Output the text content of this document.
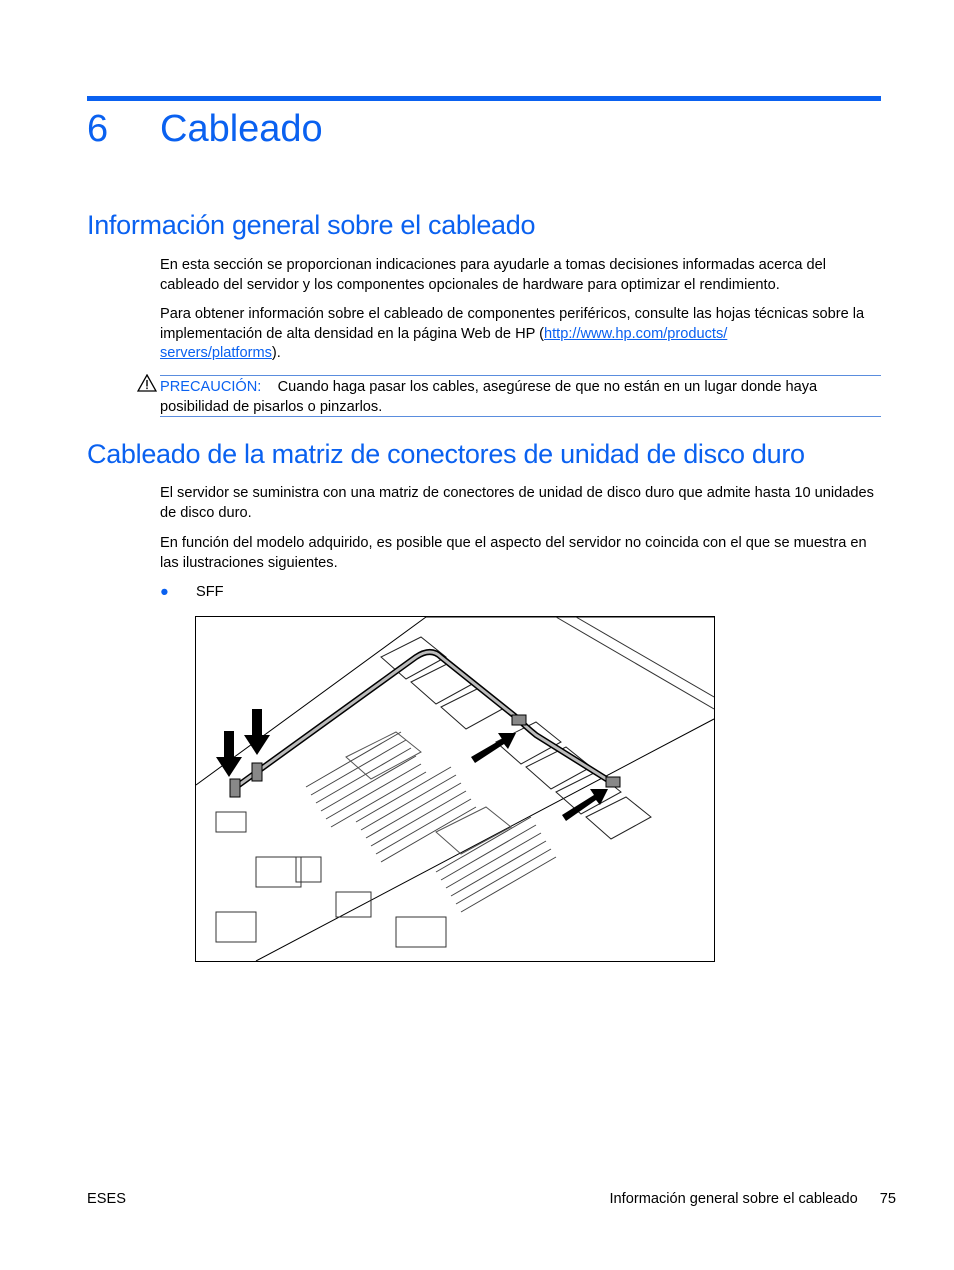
6 Cableado
Información general sobre el cableado

En esta sección se proporcionan indicaciones para ayudarle a tomas decisiones informadas acerca del cableado del servidor y los componentes opcionales de hardware para optimizar el rendimiento.

Para obtener información sobre el cableado de componentes periféricos, consulte las hojas técnicas sobre la implementación de alta densidad en la página Web de HP (http://www.hp.com/products/
servers/platforms).

PRECAUCIÓN: Cuando haga pasar los cables, asegúrese de que no están en un lugar donde haya posibilidad de pisarlos o pinzarlos.
Cableado de la matriz de conectores de unidad de disco duro

El servidor se suministra con una matriz de conectores de unidad de disco duro que admite hasta 10 unidades de disco duro.

En función del modelo adquirido, es posible que el aspecto del servidor no coincida con el que se muestra en las ilustraciones siguientes.

● SFF
ESES	Información general sobre el cableado 75
